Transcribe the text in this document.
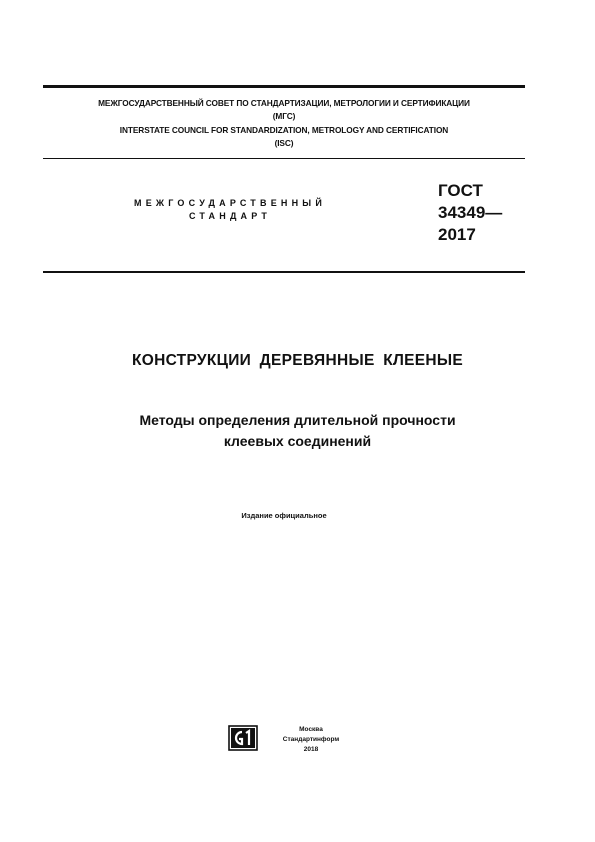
МЕЖГОСУДАРСТВЕННЫЙ СОВЕТ ПО СТАНДАРТИЗАЦИИ, МЕТРОЛОГИИ И СЕРТИФИКАЦИИ
(МГС)
INTERSTATE COUNCIL FOR STANDARDIZATION, METROLOGY AND CERTIFICATION
(ISC)
МЕЖГОСУДАРСТВЕННЫЙ
СТАНДАРТ
ГОСТ
34349—
2017
КОНСТРУКЦИИ ДЕРЕВЯННЫЕ КЛЕЕНЫЕ
Методы определения длительной прочности
клеевых соединений
Издание официальное
Москва
Стандартинформ
2018
